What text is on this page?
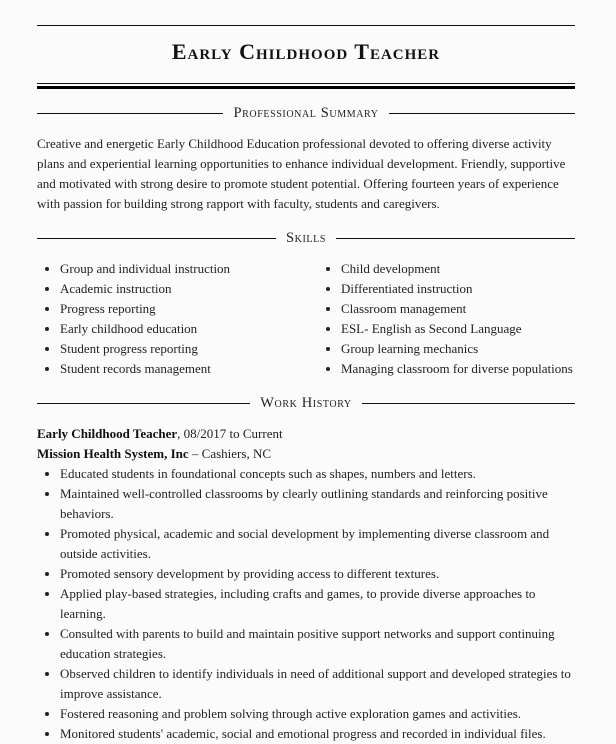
Early Childhood Teacher
Professional Summary
Creative and energetic Early Childhood Education professional devoted to offering diverse activity plans and experiential learning opportunities to enhance individual development. Friendly, supportive and motivated with strong desire to promote student potential. Offering fourteen years of experience with passion for building strong rapport with faculty, students and caregivers.
Skills
Group and individual instruction
Academic instruction
Progress reporting
Early childhood education
Student progress reporting
Student records management
Child development
Differentiated instruction
Classroom management
ESL- English as Second Language
Group learning mechanics
Managing classroom for diverse populations
Work History
Early Childhood Teacher, 08/2017 to Current
Mission Health System, Inc – Cashiers, NC
Educated students in foundational concepts such as shapes, numbers and letters.
Maintained well-controlled classrooms by clearly outlining standards and reinforcing positive behaviors.
Promoted physical, academic and social development by implementing diverse classroom and outside activities.
Promoted sensory development by providing access to different textures.
Applied play-based strategies, including crafts and games, to provide diverse approaches to learning.
Consulted with parents to build and maintain positive support networks and support continuing education strategies.
Observed children to identify individuals in need of additional support and developed strategies to improve assistance.
Fostered reasoning and problem solving through active exploration games and activities.
Monitored students' academic, social and emotional progress and recorded in individual files.
